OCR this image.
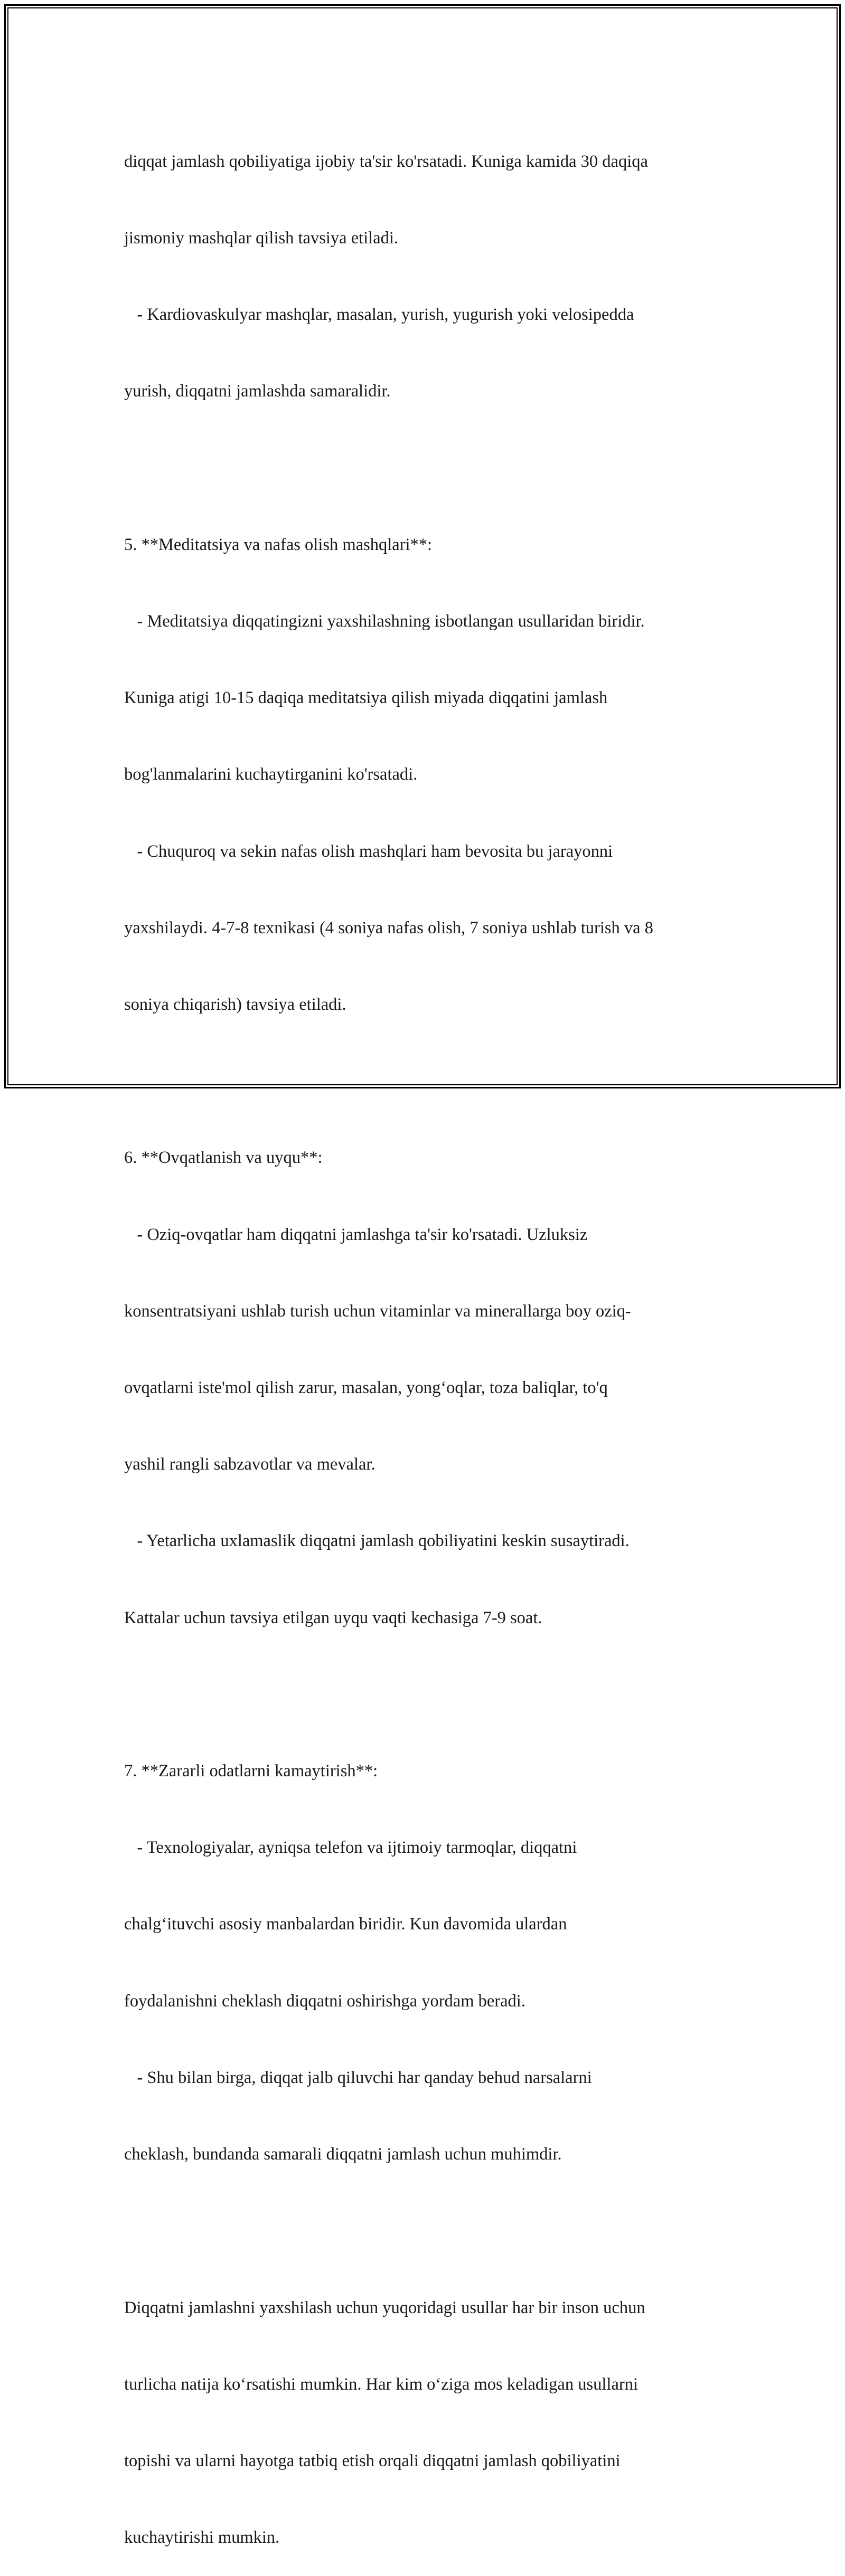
diqqat jamlash qobiliyatiga ijobiy ta'sir ko'rsatadi. Kuniga kamida 30 daqiqa

jismoniy mashqlar qilish tavsiya etiladi.

- Kardiovaskulyar mashqlar, masalan, yurish, yugurish yoki velosipedda

yurish, diqqatni jamlashda samaralidir.

5. **Meditatsiya va nafas olish mashqlari**:

- Meditatsiya diqqatingizni yaxshilashning isbotlangan usullaridan biridir.

Kuniga atigi 10-15 daqiqa meditatsiya qilish miyada diqqatini jamlash

bog'lanmalarini kuchaytirganini ko'rsatadi.

- Chuquroq va sekin nafas olish mashqlari ham bevosita bu jarayonni

yaxshilaydi. 4-7-8 texnikasi (4 soniya nafas olish, 7 soniya ushlab turish va 8

soniya chiqarish) tavsiya etiladi.

6. **Ovqatlanish va uyqu**:

- Oziq-ovqatlar ham diqqatni jamlashga ta'sir ko'rsatadi. Uzluksiz

konsentratsiyani ushlab turish uchun vitaminlar va minerallarga boy oziq-

ovqatlarni iste'mol qilish zarur, masalan, yong‘oqlar, toza baliqlar, to'q

yashil rangli sabzavotlar va mevalar.

- Yetarlicha uxlamaslik diqqatni jamlash qobiliyatini keskin susaytiradi.

Kattalar uchun tavsiya etilgan uyqu vaqti kechasiga 7-9 soat.

7. **Zararli odatlarni kamaytirish**:

- Texnologiyalar, ayniqsa telefon va ijtimoiy tarmoqlar, diqqatni

chalg‘ituvchi asosiy manbalardan biridir. Kun davomida ulardan

foydalanishni cheklash diqqatni oshirishga yordam beradi.

- Shu bilan birga, diqqat jalb qiluvchi har qanday behud narsalarni

cheklash, bundanda samarali diqqatni jamlash uchun muhimdir.

Diqqatni jamlashni yaxshilash uchun yuqoridagi usullar har bir inson uchun

turlicha natija ko‘rsatishi mumkin. Har kim o‘ziga mos keladigan usullarni

topishi va ularni hayotga tatbiq etish orqali diqqatni jamlash qobiliyatini

kuchaytirishi mumkin.
